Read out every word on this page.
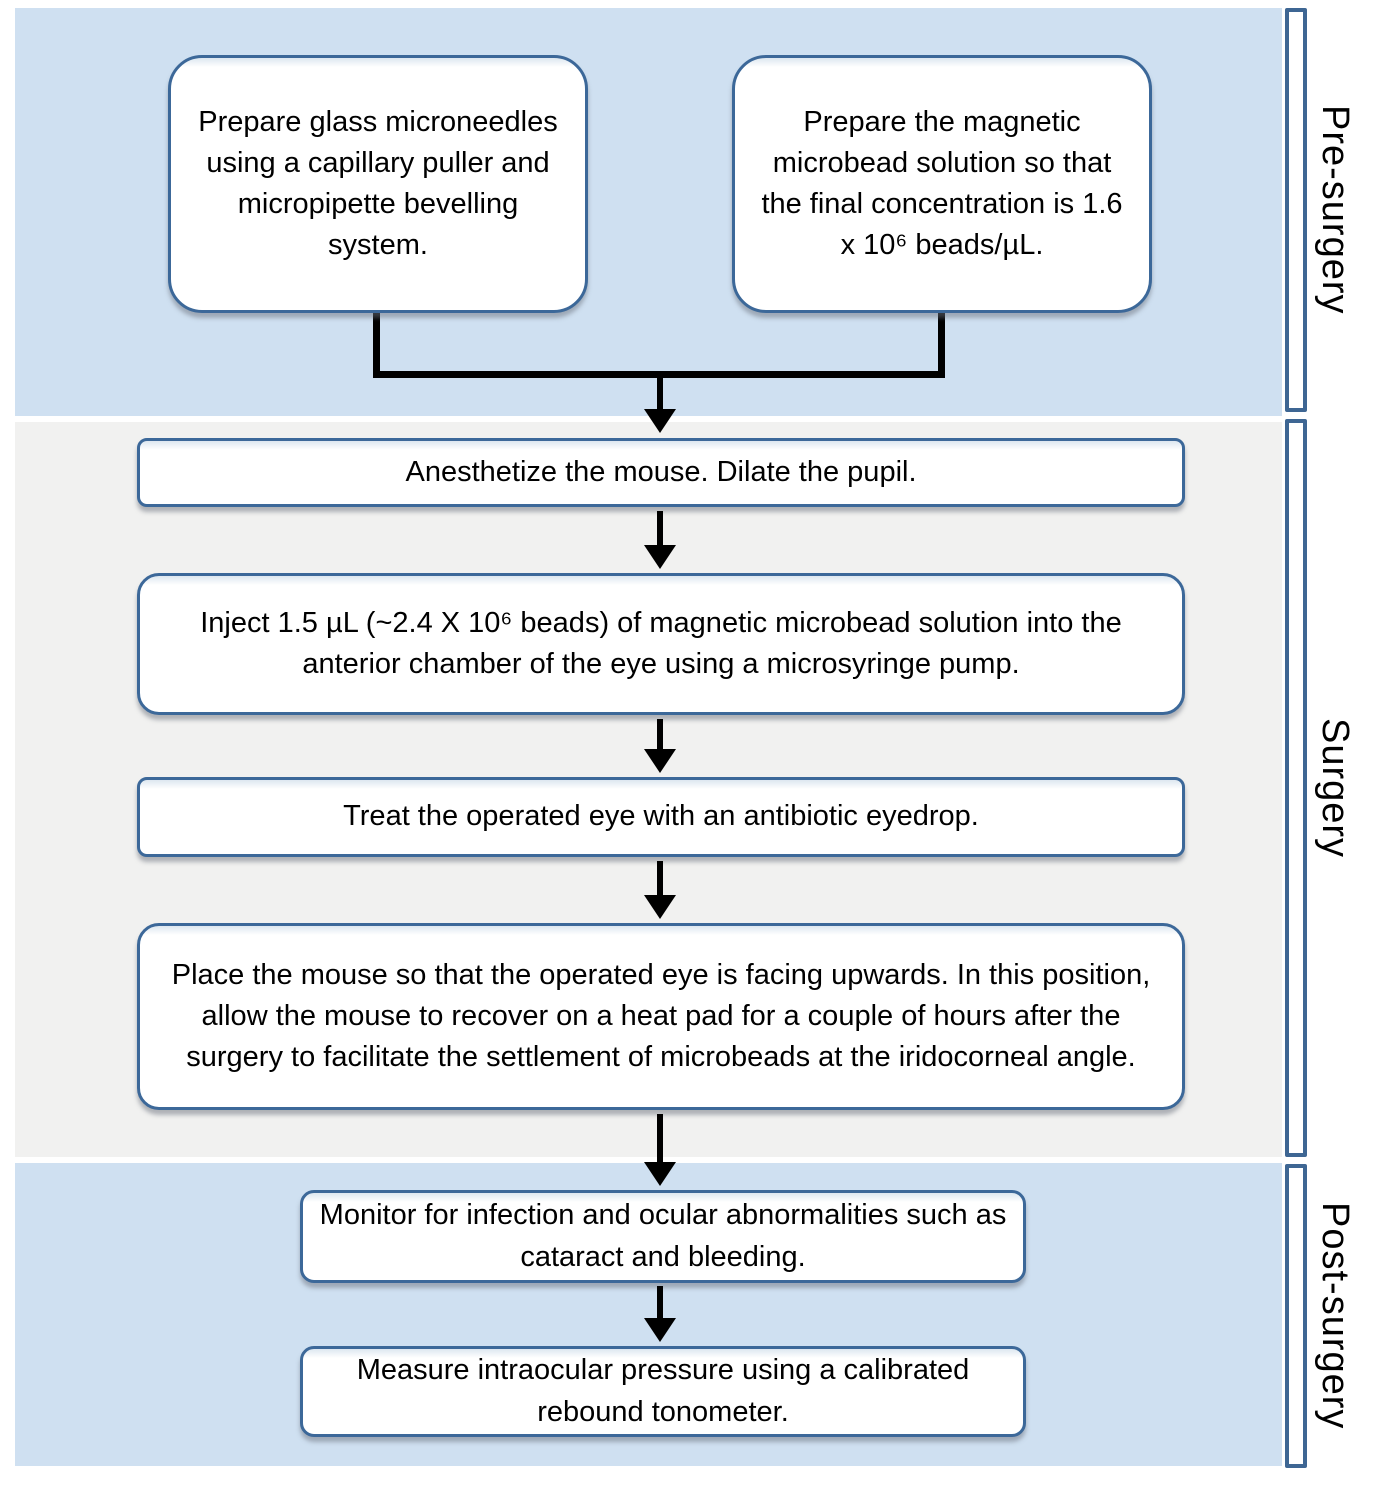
Pre-surgery
Surgery
Post-surgery
Prepare glass microneedles using a capillary puller and micropipette bevelling system.
Prepare the magnetic microbead solution so that the final concentration is 1.6 x 10⁶ beads/µL.
Anesthetize the mouse. Dilate the pupil.
Inject 1.5 µL (~2.4 X 10⁶ beads) of magnetic microbead solution into the anterior chamber of the eye using a microsyringe pump.
Treat the operated eye with an antibiotic eyedrop.
Place the mouse so that the operated eye is facing upwards. In this position, allow the mouse to recover on a heat pad for a couple of hours after the surgery to facilitate the settlement of microbeads at the iridocorneal angle.
Monitor for infection and ocular abnormalities such as cataract and bleeding.
Measure intraocular pressure using a calibrated rebound tonometer.
